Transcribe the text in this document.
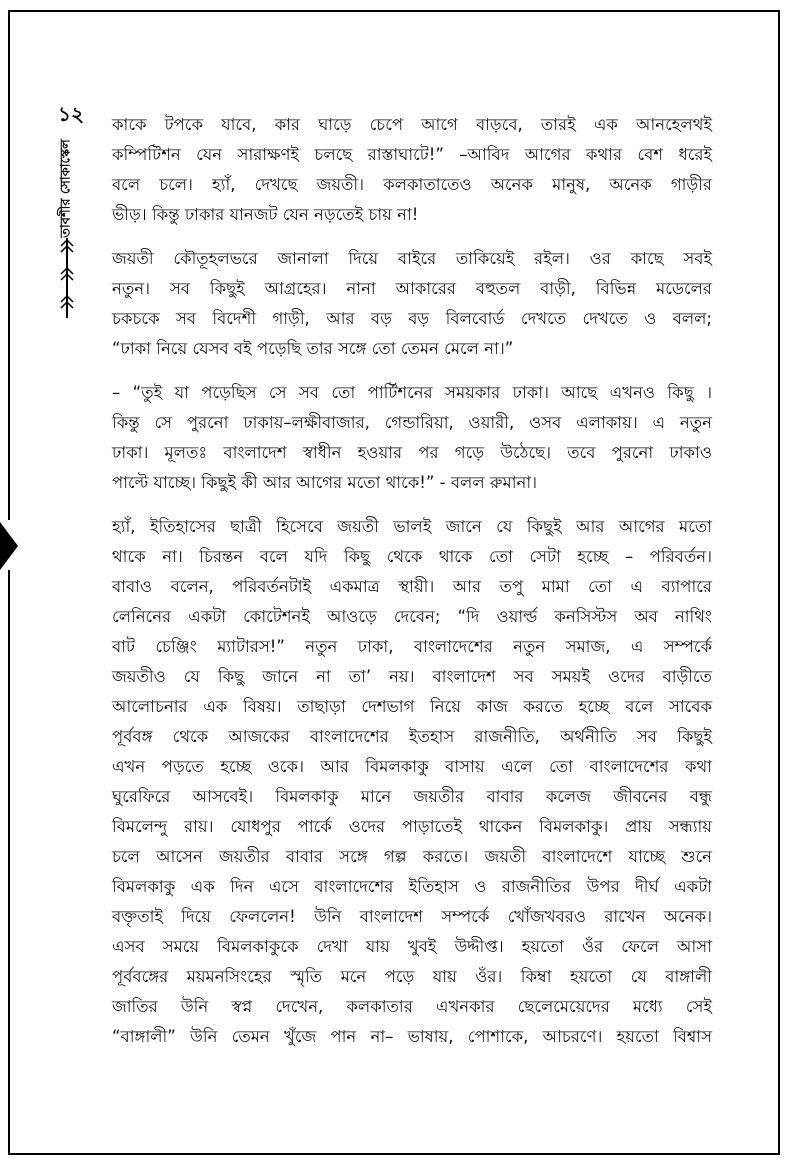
১২
তাবশীর সোকাস্কেল

কাকে টপকে যাবে, কার ঘাড়ে চেপে আগে বাড়বে, তারই এক আনহেলথই
কম্পিটিশন যেন সারাক্ষণই চলছে রাস্তাঘাটে!” –আবিদ আগের কথার বেশ ধরেই
বলে চলে। হ্যাঁ, দেখছে জয়তী। কলকাতাতেও অনেক মানুষ, অনেক গাড়ীর
ভীড়। কিন্তু ঢাকার যানজট যেন নড়তেই চায় না!

জয়তী কৌতূহলভরে জানালা দিয়ে বাইরে তাকিয়েই রইল। ওর কাছে সবই
নতুন। সব কিছুই আগ্রহের। নানা আকারের বহুতল বাড়ী, বিভিন্ন মডেলের
চকচকে সব বিদেশী গাড়ী, আর বড় বড় বিলবোর্ড দেখতে দেখতে ও বলল;
“ঢাকা নিয়ে যেসব বই পড়েছি তার সঙ্গে তো তেমন মেলে না।”

– “তুই যা পড়েছিস সে সব তো পার্টিশনের সময়কার ঢাকা। আছে এখনও কিছু ।
কিন্তু সে পুরনো ঢাকায়–লক্ষীবাজার, গেন্ডারিয়া, ওয়ারী, ওসব এলাকায়। এ নতুন
ঢাকা। মূলতঃ বাংলাদেশ স্বাধীন হওয়ার পর গড়ে উঠেছে। তবে পুরনো ঢাকাও
পাল্টে যাচ্ছে। কিছুই কী আর আগের মতো থাকে!” - বলল রুমানা।

হ্যাঁ, ইতিহাসের ছাত্রী হিসেবে জয়তী ভালই জানে যে কিছুই আর আগের মতো
থাকে না। চিরন্তন বলে যদি কিছু থেকে থাকে তো সেটা হচ্ছে – পরিবর্তন।
বাবাও বলেন, পরিবর্তনটাই একমাত্র স্থায়ী। আর তপু মামা তো এ ব্যাপারে
লেনিনের একটা কোটেশনই আওড়ে দেবেন; “দি ওয়ার্ল্ড কনসিস্টস অব নাথিং
বাট চেঞ্জিং ম্যাটারস!” নতুন ঢাকা, বাংলাদেশের নতুন সমাজ, এ সম্পর্কে
জয়তীও যে কিছু জানে না তা’ নয়। বাংলাদেশ সব সময়ই ওদের বাড়ীতে
আলোচনার এক বিষয়। তাছাড়া দেশভাগ নিয়ে কাজ করতে হচ্ছে বলে সাবেক
পূর্ববঙ্গ থেকে আজকের বাংলাদেশের ইতহাস রাজনীতি, অর্থনীতি সব কিছুই
এখন পড়তে হচ্ছে ওকে। আর বিমলকাকু বাসায় এলে তো বাংলাদেশের কথা
ঘুরেফিরে আসবেই। বিমলকাকু মানে জয়তীর বাবার কলেজ জীবনের বন্ধু
বিমলেন্দু রায়। যোধপুর পার্কে ওদের পাড়াতেই থাকেন বিমলকাকু। প্রায় সন্ধ্যায়
চলে আসেন জয়তীর বাবার সঙ্গে গল্প করতে। জয়তী বাংলাদেশে যাচ্ছে শুনে
বিমলকাকু এক দিন এসে বাংলাদেশের ইতিহাস ও রাজনীতির উপর দীর্ঘ একটা
বক্তৃতাই দিয়ে ফেললেন! উনি বাংলাদেশ সম্পর্কে খোঁজখবরও রাখেন অনেক।
এসব সময়ে বিমলকাকুকে দেখা যায় খুবই উদ্দীপ্ত। হয়তো ওঁর ফেলে আসা
পূর্ববঙ্গের ময়মনসিংহের স্মৃতি মনে পড়ে যায় ওঁর। কিম্বা হয়তো যে বাঙ্গালী
জাতির উনি স্বপ্ন দেখেন, কলকাতার এখনকার ছেলেমেয়েদের মধ্যে সেই
“বাঙ্গালী” উনি তেমন খুঁজে পান না– ভাষায়, পোশাকে, আচরণে। হয়তো বিশ্বাস
